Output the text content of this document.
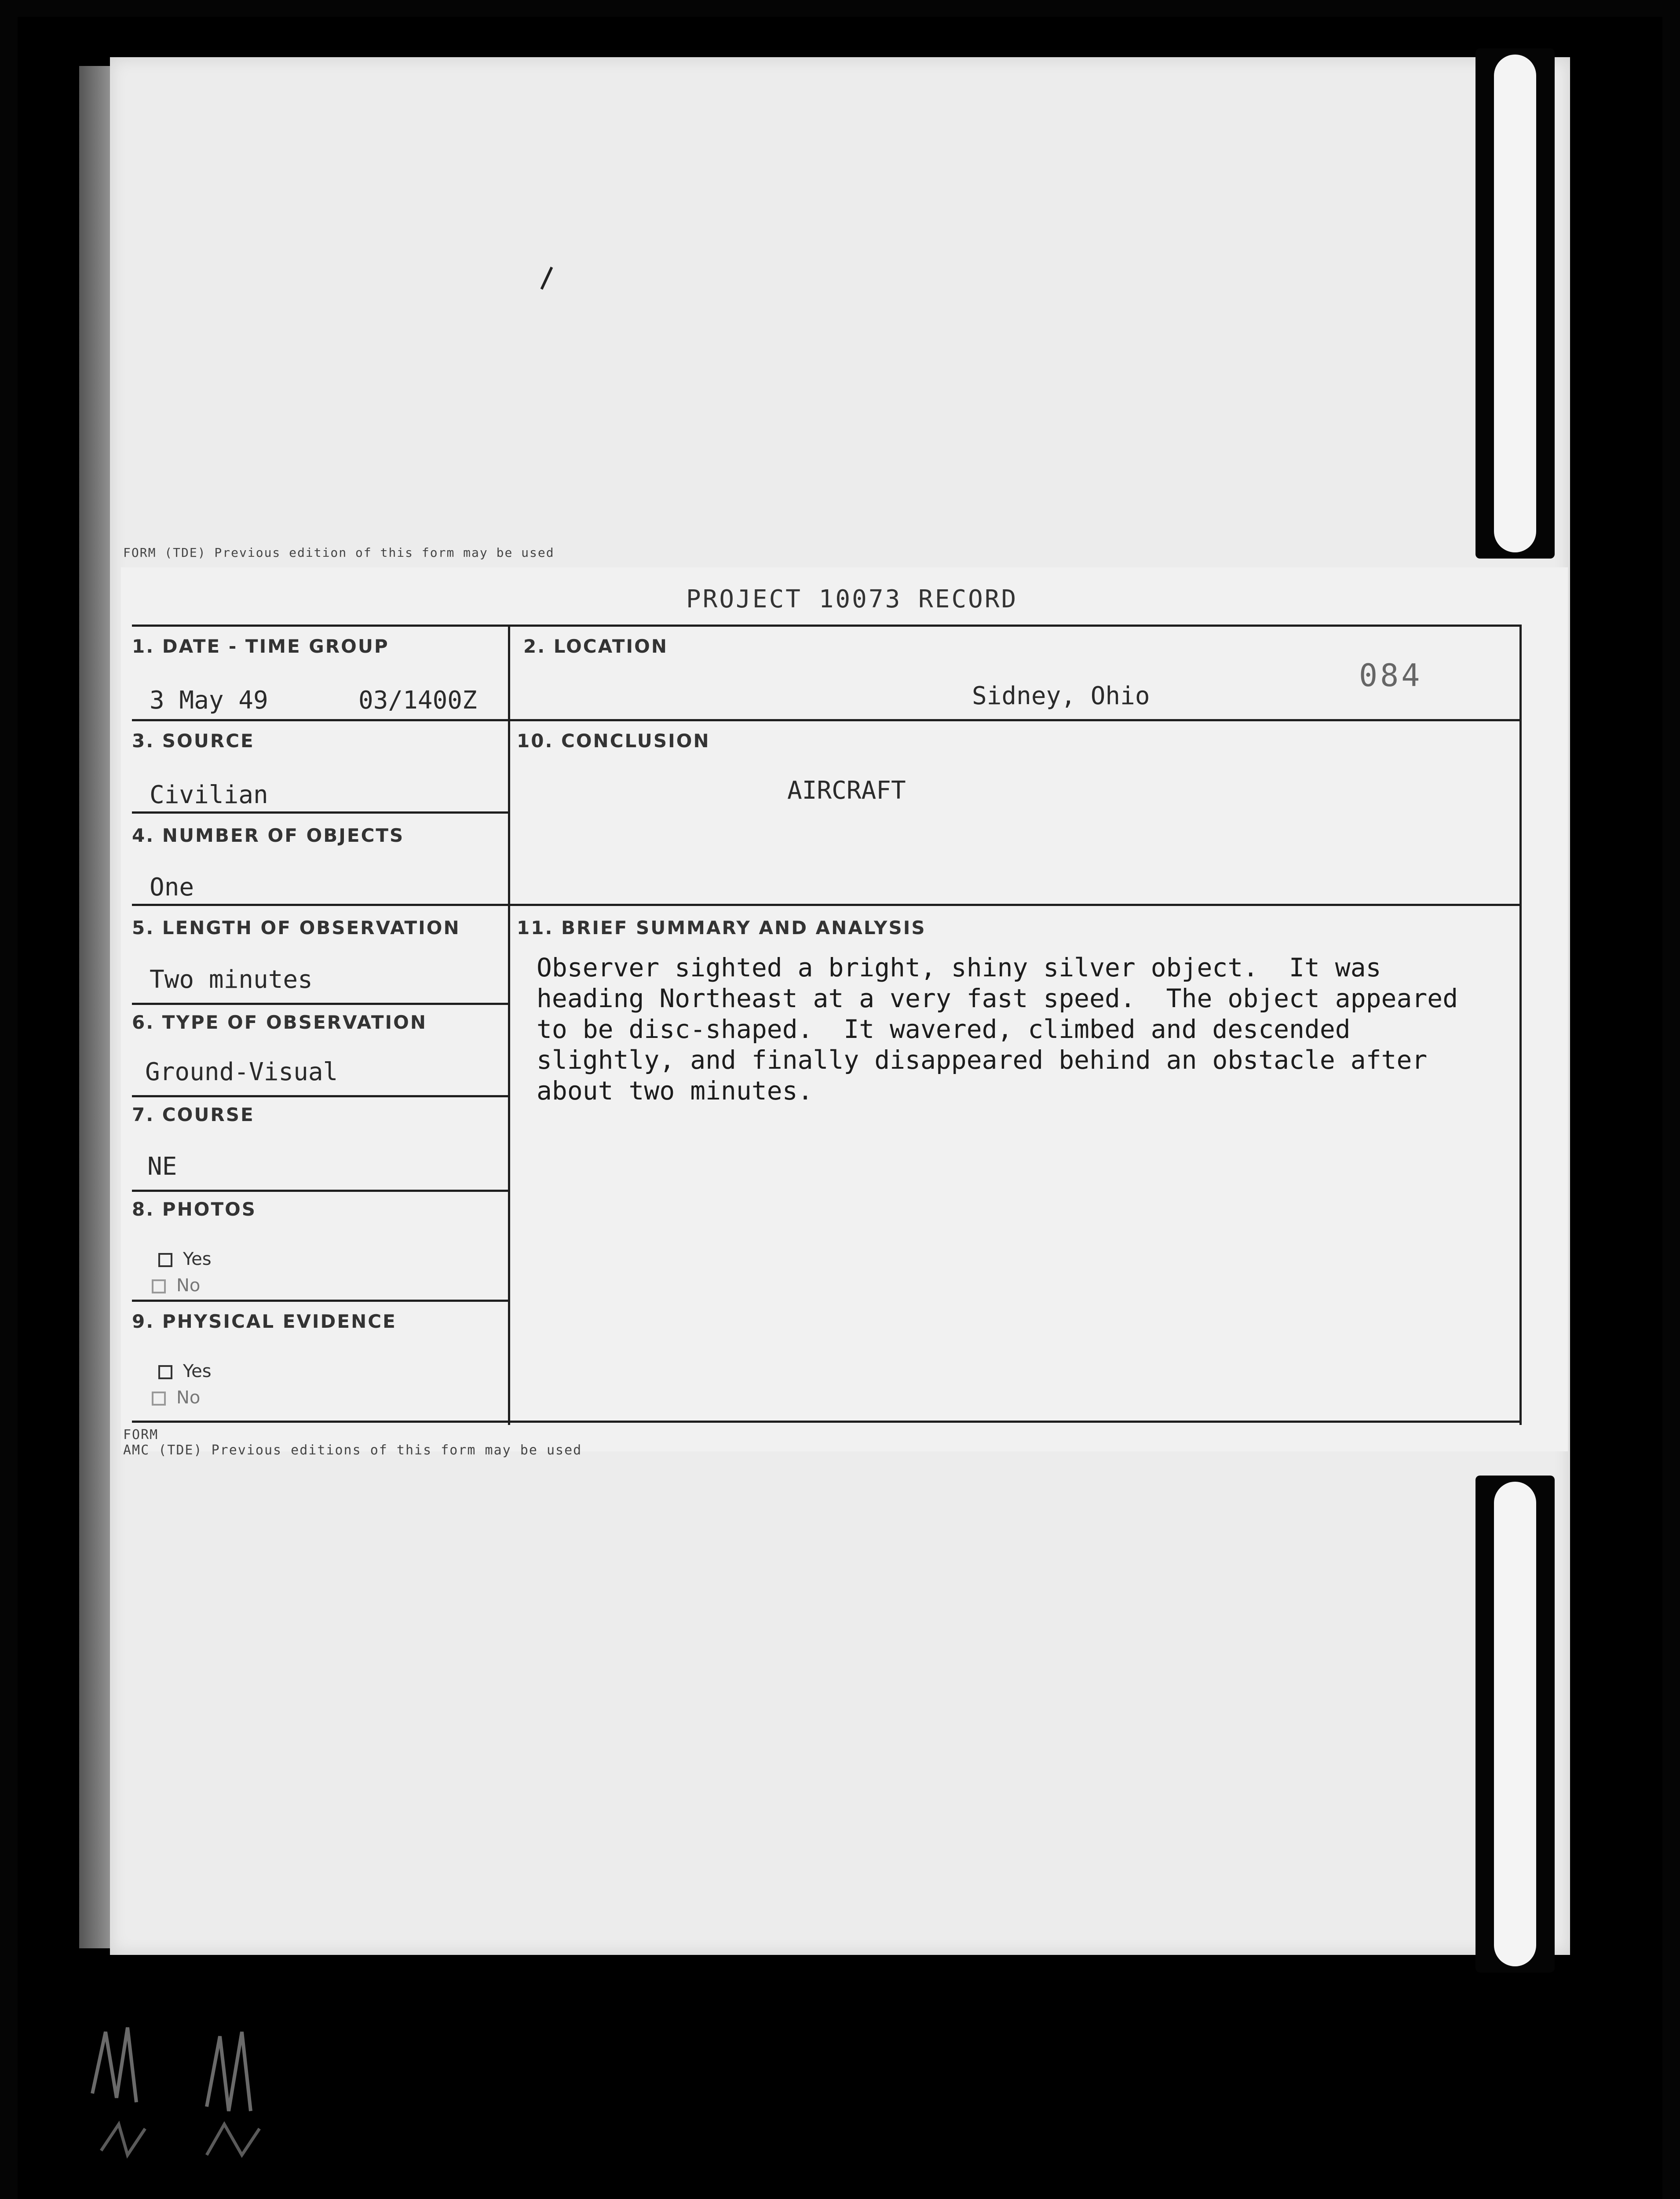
FORM (TDE) Previous edition of this form may be used
PROJECT 10073 RECORD
084
1. DATE - TIME GROUP
3 May 49	03/1400Z
2. LOCATION
Sidney, Ohio
3. SOURCE
Civilian
10. CONCLUSION
AIRCRAFT
4. NUMBER OF OBJECTS
One
5. LENGTH OF OBSERVATION
Two minutes
11. BRIEF SUMMARY AND ANALYSIS
Observer sighted a bright, shiny silver object.  It was
heading Northeast at a very fast speed.  The object appeared
to be disc-shaped.  It wavered, climbed and descended
slightly, and finally disappeared behind an obstacle after
about two minutes.
6. TYPE OF OBSERVATION
Ground-Visual
7. COURSE
NE
8. PHOTOS
Yes
No
9. PHYSICAL EVIDENCE
Yes
No
FORM
AMC (TDE) Previous editions of this form may be used
